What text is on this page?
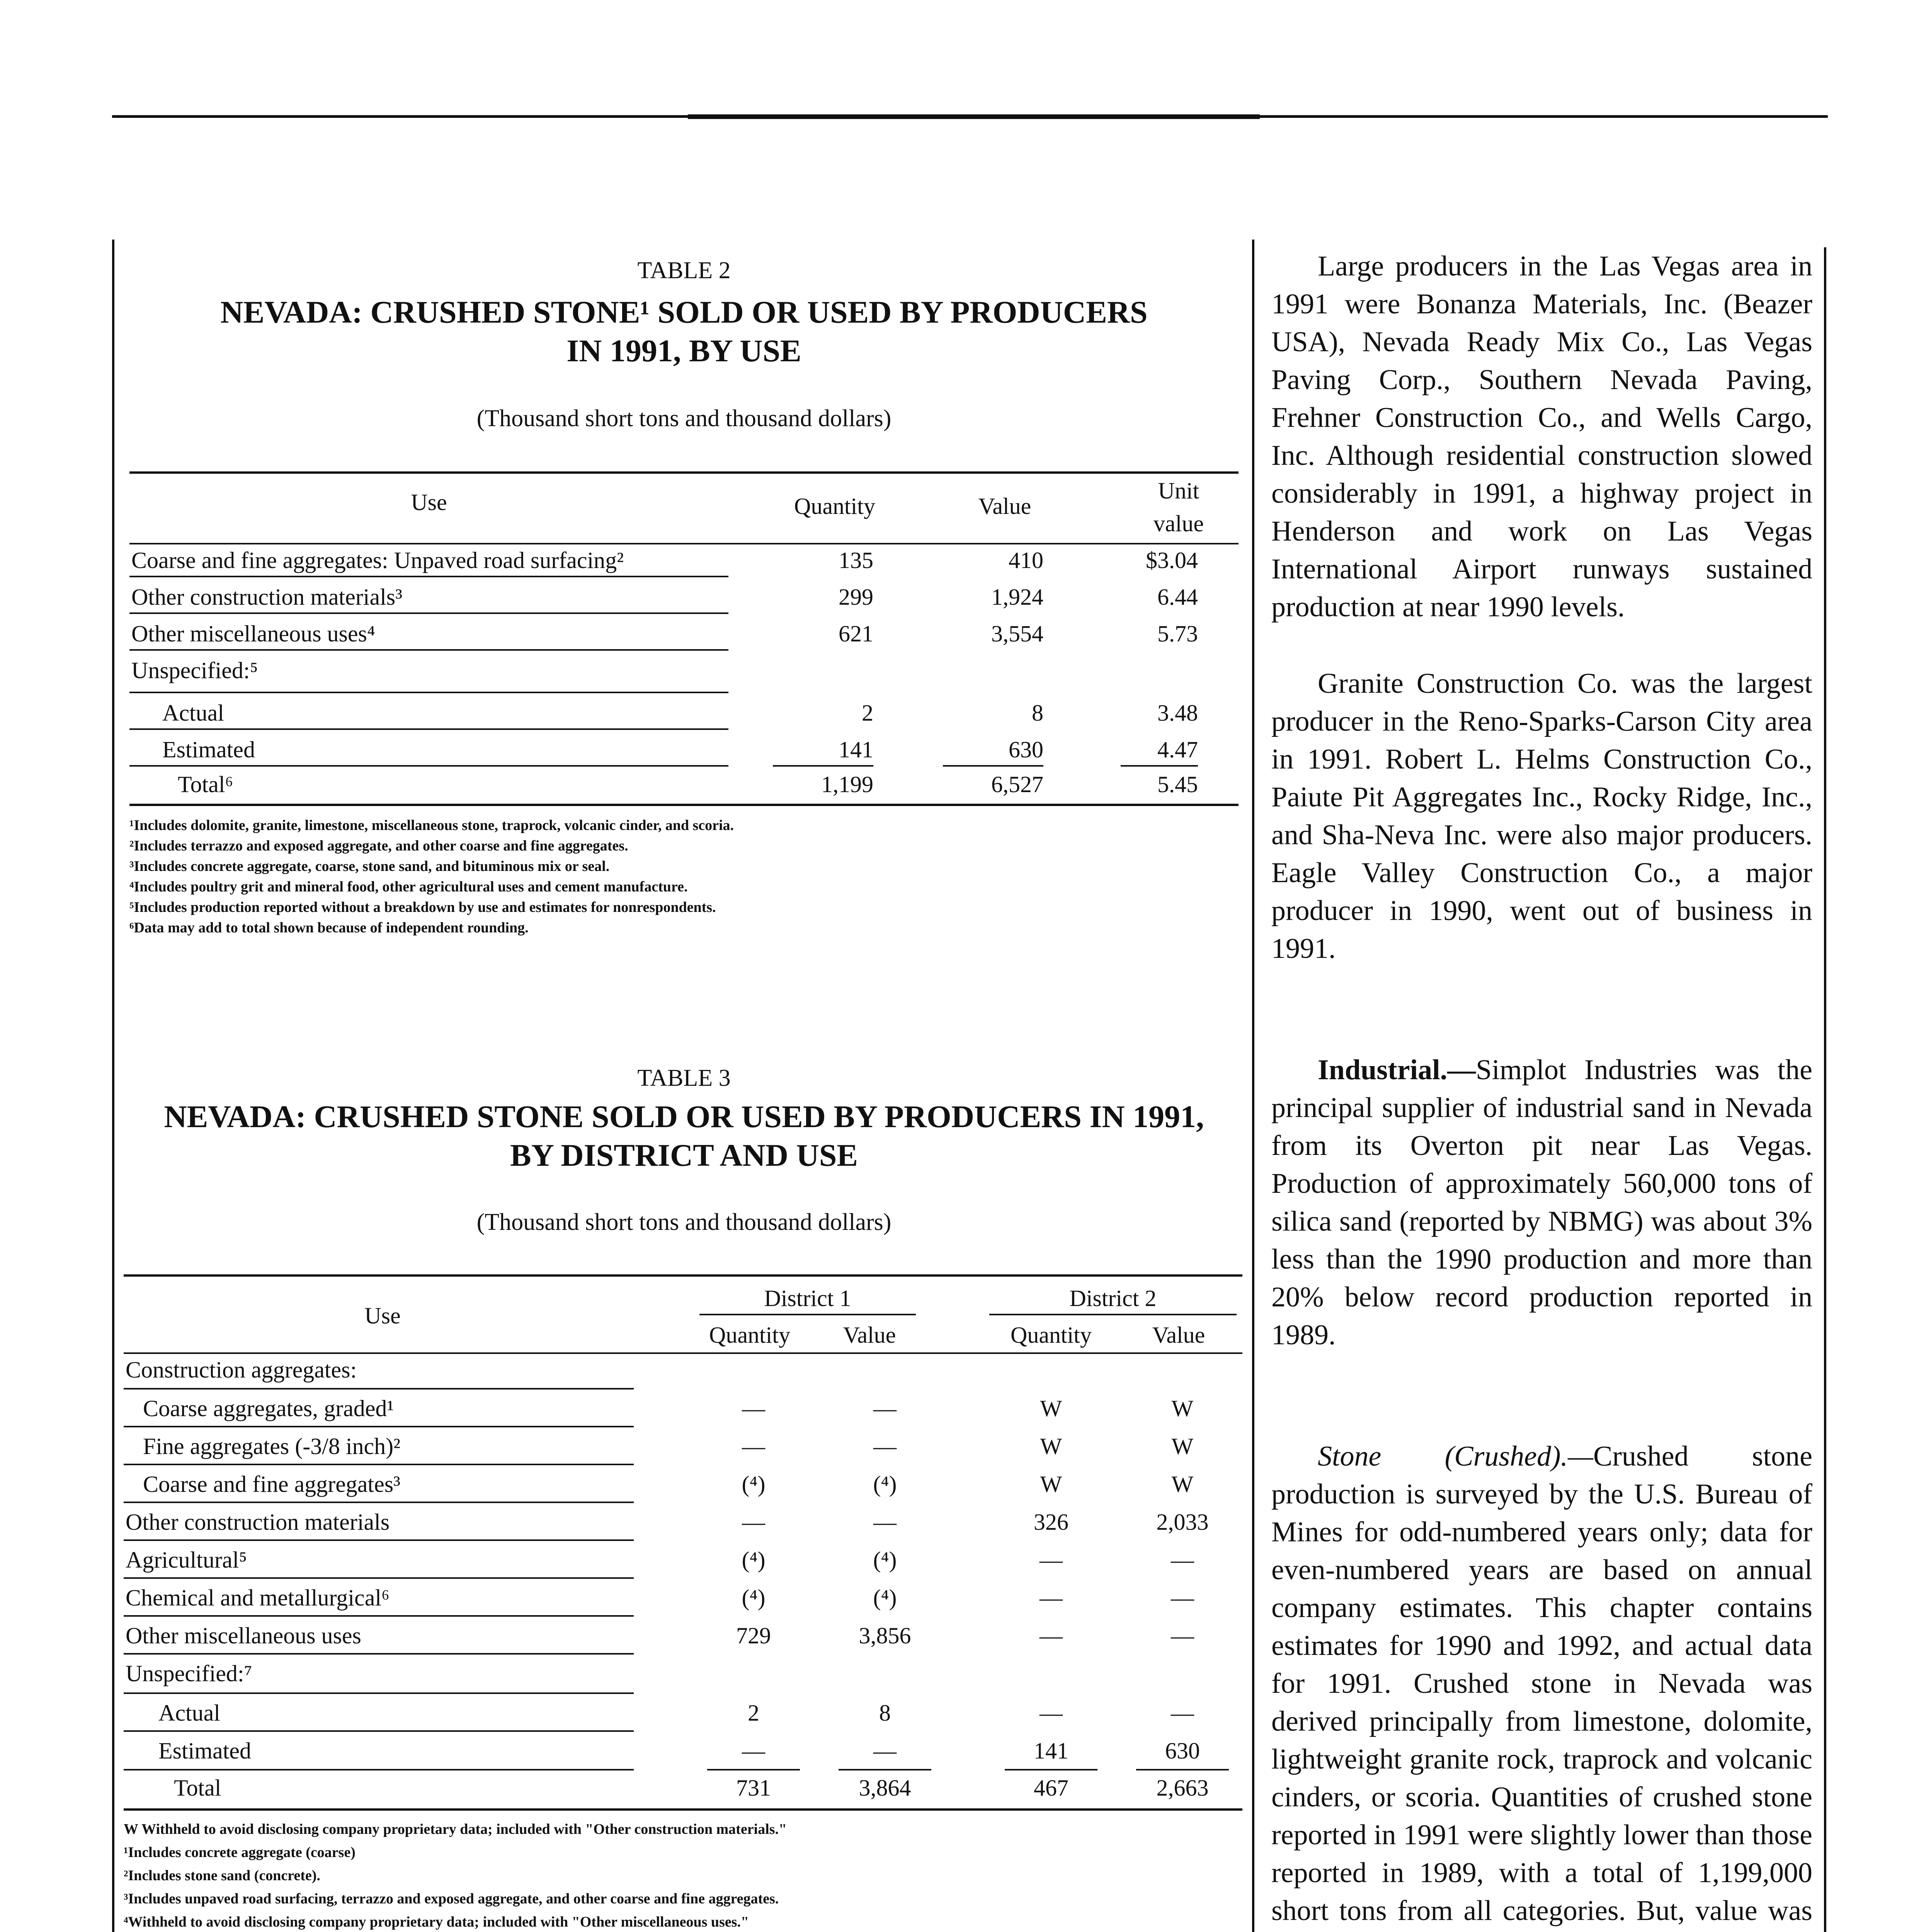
TABLE 2
NEVADA: CRUSHED STONE¹ SOLD OR USED BY PRODUCERS
IN 1991, BY USE
(Thousand short tons and thousand dollars)
Use	Quantity	Value
Unit
value
Coarse and fine aggregates: Unpaved road surfacing²	135	410	$3.04
Other construction materials³	299	1,924	6.44
Other miscellaneous uses⁴	621	3,554	5.73
Unspecified:⁵
Actual	2	8	3.48
Estimated	141	630	4.47
Total⁶	1,199	6,527	5.45
¹Includes dolomite, granite, limestone, miscellaneous stone, traprock, volcanic cinder, and scoria.
²Includes terrazzo and exposed aggregate, and other coarse and fine aggregates.
³Includes concrete aggregate, coarse, stone sand, and bituminous mix or seal.
⁴Includes poultry grit and mineral food, other agricultural uses and cement manufacture.
⁵Includes production reported without a breakdown by use and estimates for nonrespondents.
⁶Data may add to total shown because of independent rounding.
TABLE 3
NEVADA: CRUSHED STONE SOLD OR USED BY PRODUCERS IN 1991,
BY DISTRICT AND USE
(Thousand short tons and thousand dollars)
Use
District 1	District 2
Quantity	Value	Quantity	Value
Construction aggregates:
Coarse aggregates, graded¹	—	—	W	W
Fine aggregates (-3/8 inch)²	—	—	W	W
Coarse and fine aggregates³	(⁴)	(⁴)	W	W
Other construction materials	—	—	326	2,033
Agricultural⁵	(⁴)	(⁴)	—	—
Chemical and metallurgical⁶	(⁴)	(⁴)	—	—
Other miscellaneous uses	729	3,856	—	—
Unspecified:⁷
Actual	2	8	—	—
Estimated	—	—	141	630
Total	731	3,864	467	2,663
W Withheld to avoid disclosing company proprietary data; included with "Other construction materials."
¹Includes concrete aggregate (coarse)
²Includes stone sand (concrete).
³Includes unpaved road surfacing, terrazzo and exposed aggregate, and other coarse and fine aggregates.
⁴Withheld to avoid disclosing company proprietary data; included with "Other miscellaneous uses."

Large producers in the Las Vegas area in 1991 were Bonanza Materials, Inc. (Beazer USA), Nevada Ready Mix Co., Las Vegas Paving Corp., Southern Nevada Paving, Frehner Construction Co., and Wells Cargo, Inc. Although residential construction slowed considerably in 1991, a highway project in Henderson and work on Las Vegas International Airport runways sustained production at near 1990 levels.

Granite Construction Co. was the largest producer in the Reno-Sparks-Carson City area in 1991. Robert L. Helms Construction Co., Paiute Pit Aggregates Inc., Rocky Ridge, Inc., and Sha-Neva Inc. were also major producers. Eagle Valley Construction Co., a major producer in 1990, went out of business in 1991.

Industrial.—Simplot Industries was the principal supplier of industrial sand in Nevada from its Overton pit near Las Vegas. Production of approximately 560,000 tons of silica sand (reported by NBMG) was about 3% less than the 1990 production and more than 20% below record production reported in 1989.

Stone (Crushed).—Crushed stone production is surveyed by the U.S. Bureau of Mines for odd-numbered years only; data for even-numbered years are based on annual company estimates. This chapter contains estimates for 1990 and 1992, and actual data for 1991. Crushed stone in Nevada was derived principally from limestone, dolomite, lightweight granite rock, traprock and volcanic cinders, or scoria. Quantities of crushed stone reported in 1991 were slightly lower than those reported in 1989, with a total of 1,199,000 short tons from all categories. But, value was
